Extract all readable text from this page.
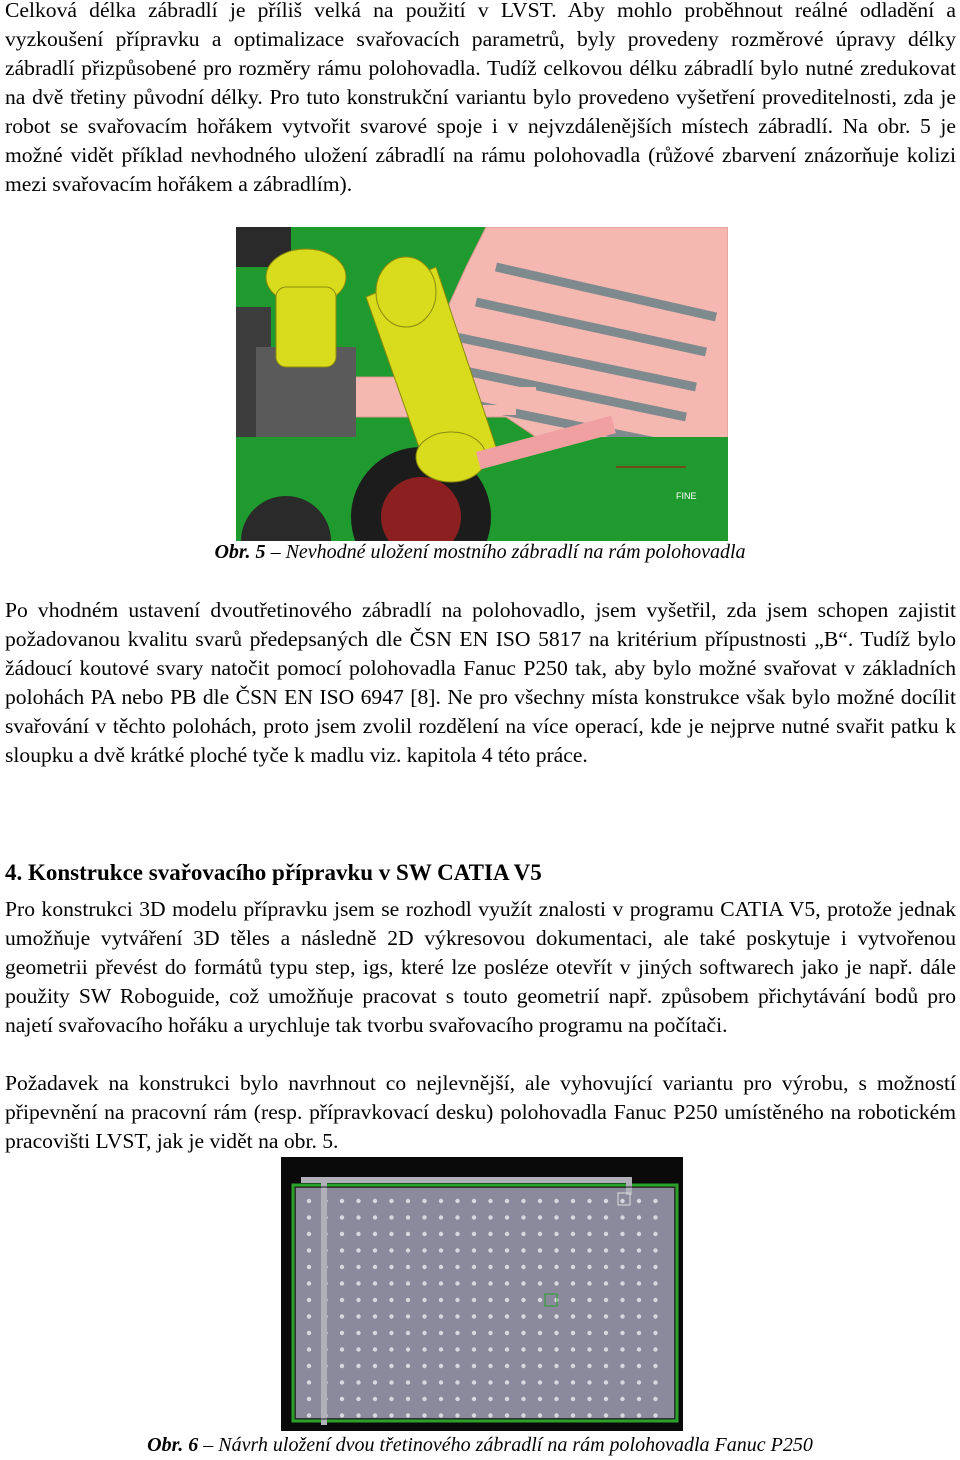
Celková délka zábradlí je příliš velká na použití v LVST. Aby mohlo proběhnout reálné odladění a vyzkoušení přípravku a optimalizace svařovacích parametrů, byly provedeny rozměrové úpravy délky zábradlí přizpůsobené pro rozměry rámu polohovadla. Tudíž celkovou délku zábradlí bylo nutné zredukovat na dvě třetiny původní délky. Pro tuto konstrukční variantu bylo provedeno vyšetření proveditelnosti, zda je robot se svařovacím hořákem vytvořit svarové spoje i v nejvzdálenějších místech zábradlí. Na obr. 5 je možné vidět příklad nevhodného uložení zábradlí na rámu polohovadla (růžové zbarvení znázorňuje kolizi mezi svařovacím hořákem a zábradlím).

FINE
Obr. 5 – Nevhodné uložení mostního zábradlí na rám polohovadla

Po vhodném ustavení dvoutřetinového zábradlí na polohovadlo, jsem vyšetřil, zda jsem schopen zajistit požadovanou kvalitu svarů předepsaných dle ČSN EN ISO 5817 na kritérium přípustnosti „B“. Tudíž bylo žádoucí koutové svary natočit pomocí polohovadla Fanuc P250 tak, aby bylo možné svařovat v základních polohách PA nebo PB dle ČSN EN ISO 6947 [8]. Ne pro všechny místa konstrukce však bylo možné docílit svařování v těchto polohách, proto jsem zvolil rozdělení na více operací, kde je nejprve nutné svařit patku k sloupku a dvě krátké ploché tyče k madlu viz. kapitola 4 této práce.

4. Konstrukce svařovacího přípravku v SW CATIA V5

Pro konstrukci 3D modelu přípravku jsem se rozhodl využít znalosti v programu CATIA V5, protože jednak umožňuje vytváření 3D těles a následně 2D výkresovou dokumentaci, ale také poskytuje i vytvořenou geometrii převést do formátů typu step, igs, které lze posléze otevřít v jiných softwarech jako je např. dále použity SW Roboguide, což umožňuje pracovat s touto geometrií např. způsobem přichytávání bodů pro najetí svařovacího hořáku a urychluje tak tvorbu svařovacího programu na počítači.

Požadavek na konstrukci bylo navrhnout co nejlevnější, ale vyhovující variantu pro výrobu, s možností připevnění na pracovní rám (resp. přípravkovací desku) polohovadla Fanuc P250 umístěného na robotickém pracovišti LVST, jak je vidět na obr. 5.

Obr. 6 – Návrh uložení dvou třetinového zábradlí na rám polohovadla Fanuc P250
